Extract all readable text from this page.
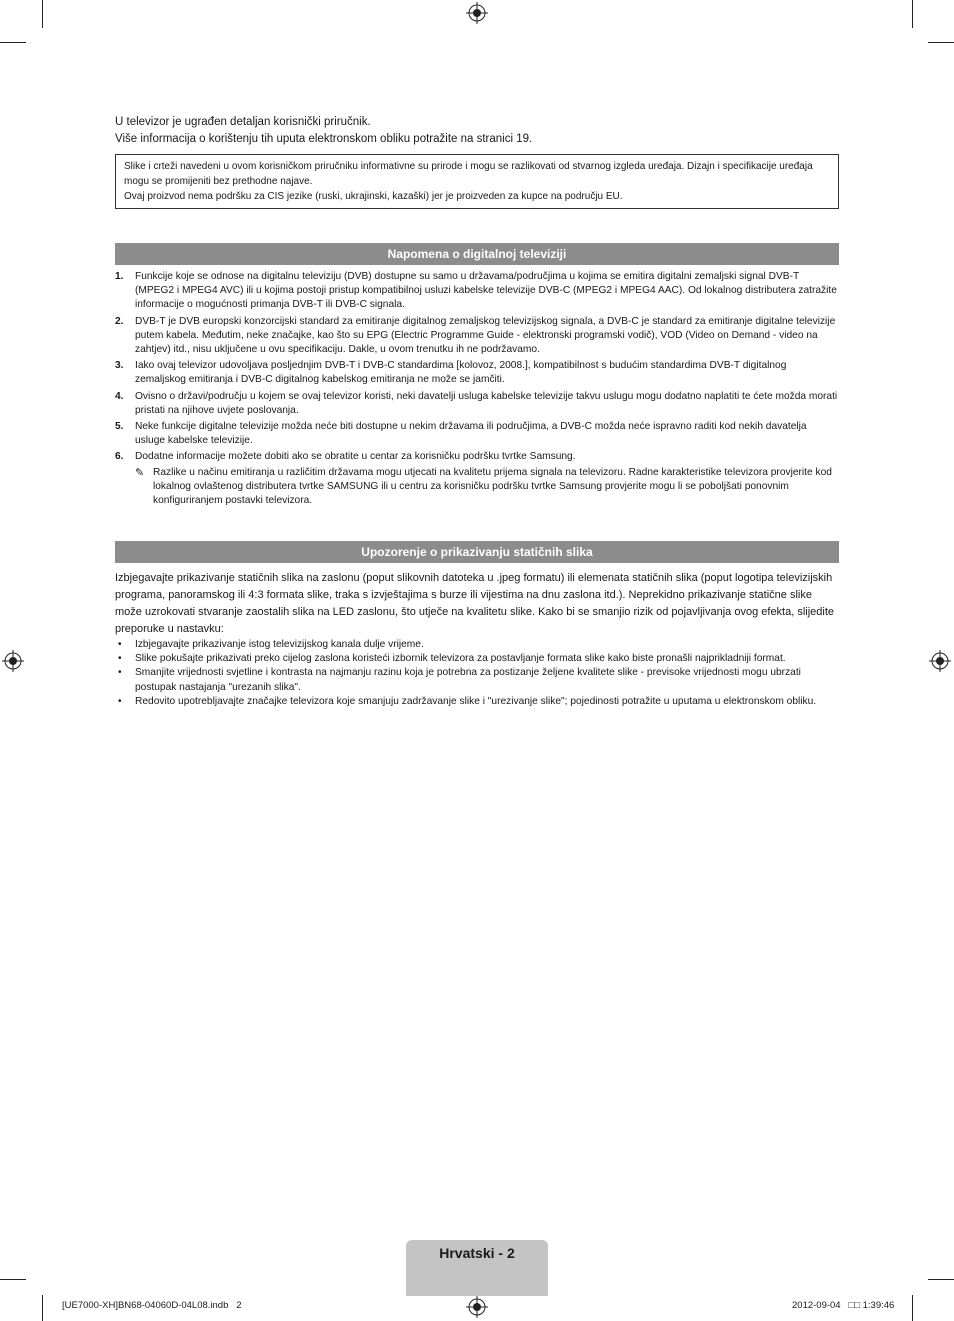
U televizor je ugrađen detaljan korisnički priručnik.
Više informacija o korištenju tih uputa elektronskom obliku potražite na stranici 19.
Slike i crteži navedeni u ovom korisničkom priručniku informativne su prirode i mogu se razlikovati od stvarnog izgleda uređaja. Dizajn i specifikacije uređaja mogu se promijeniti bez prethodne najave.
Ovaj proizvod nema podršku za CIS jezike (ruski, ukrajinski, kazaški) jer je proizveden za kupce na području EU.
Napomena o digitalnoj televiziji
1.	Funkcije koje se odnose na digitalnu televiziju (DVB) dostupne su samo u državama/područjima u kojima se emitira digitalni zemaljski signal DVB-T (MPEG2 i MPEG4 AVC) ili u kojima postoji pristup kompatibilnoj usluzi kabelske televizije DVB-C (MPEG2 i MPEG4 AAC). Od lokalnog distributera zatražite informacije o mogućnosti primanja DVB-T ili DVB-C signala.
2.	DVB-T je DVB europski konzorcijski standard za emitiranje digitalnog zemaljskog televizijskog signala, a DVB-C je standard za emitiranje digitalne televizije putem kabela. Međutim, neke značajke, kao što su EPG (Electric Programme Guide - elektronski programski vodič), VOD (Video on Demand - video na zahtjev) itd., nisu uključene u ovu specifikaciju. Dakle, u ovom trenutku ih ne podržavamo.
3.	Iako ovaj televizor udovoljava posljednjim DVB-T i DVB-C standardima [kolovoz, 2008.], kompatibilnost s budućim standardima DVB-T digitalnog zemaljskog emitiranja i DVB-C digitalnog kabelskog emitiranja ne može se jamčiti.
4.	Ovisno o državi/području u kojem se ovaj televizor koristi, neki davatelji usluga kabelske televizije takvu uslugu mogu dodatno naplatiti te ćete možda morati pristati na njihove uvjete poslovanja.
5.	Neke funkcije digitalne televizije možda neće biti dostupne u nekim državama ili područjima, a DVB-C možda neće ispravno raditi kod nekih davatelja usluge kabelske televizije.
6.	Dodatne informacije možete dobiti ako se obratite u centar za korisničku podršku tvrtke Samsung.
✎ Razlike u načinu emitiranja u različitim državama mogu utjecati na kvalitetu prijema signala na televizoru. Radne karakteristike televizora provjerite kod lokalnog ovlaštenog distributera tvrtke SAMSUNG ili u centru za korisničku podršku tvrtke Samsung provjerite mogu li se poboljšati ponovnim konfiguriranjem postavki televizora.
Upozorenje o prikazivanju statičnih slika
Izbjegavajte prikazivanje statičnih slika na zaslonu (poput slikovnih datoteka u .jpeg formatu) ili elemenata statičnih slika (poput logotipa televizijskih programa, panoramskog ili 4:3 formata slike, traka s izvještajima s burze ili vijestima na dnu zaslona itd.). Neprekidno prikazivanje statične slike može uzrokovati stvaranje zaostalih slika na LED zaslonu, što utječe na kvalitetu slike. Kako bi se smanjio rizik od pojavljivanja ovog efekta, slijedite preporuke u nastavku:
•	Izbjegavajte prikazivanje istog televizijskog kanala dulje vrijeme.
•	Slike pokušajte prikazivati preko cijelog zaslona koristeći izbornik televizora za postavljanje formata slike kako biste pronašli najprikladniji format.
•	Smanjite vrijednosti svjetline i kontrasta na najmanju razinu koja je potrebna za postizanje željene kvalitete slike - previsoke vrijednosti mogu ubrzati postupak nastajanja "urezanih slika".
•	Redovito upotrebljavajte značajke televizora koje smanjuju zadržavanje slike i "urezivanje slike"; pojedinosti potražite u uputama u elektronskom obliku.
Hrvatski - 2
[UE7000-XH]BN68-04060D-04L08.indb   2	2012-09-04   □□ 1:39:46
